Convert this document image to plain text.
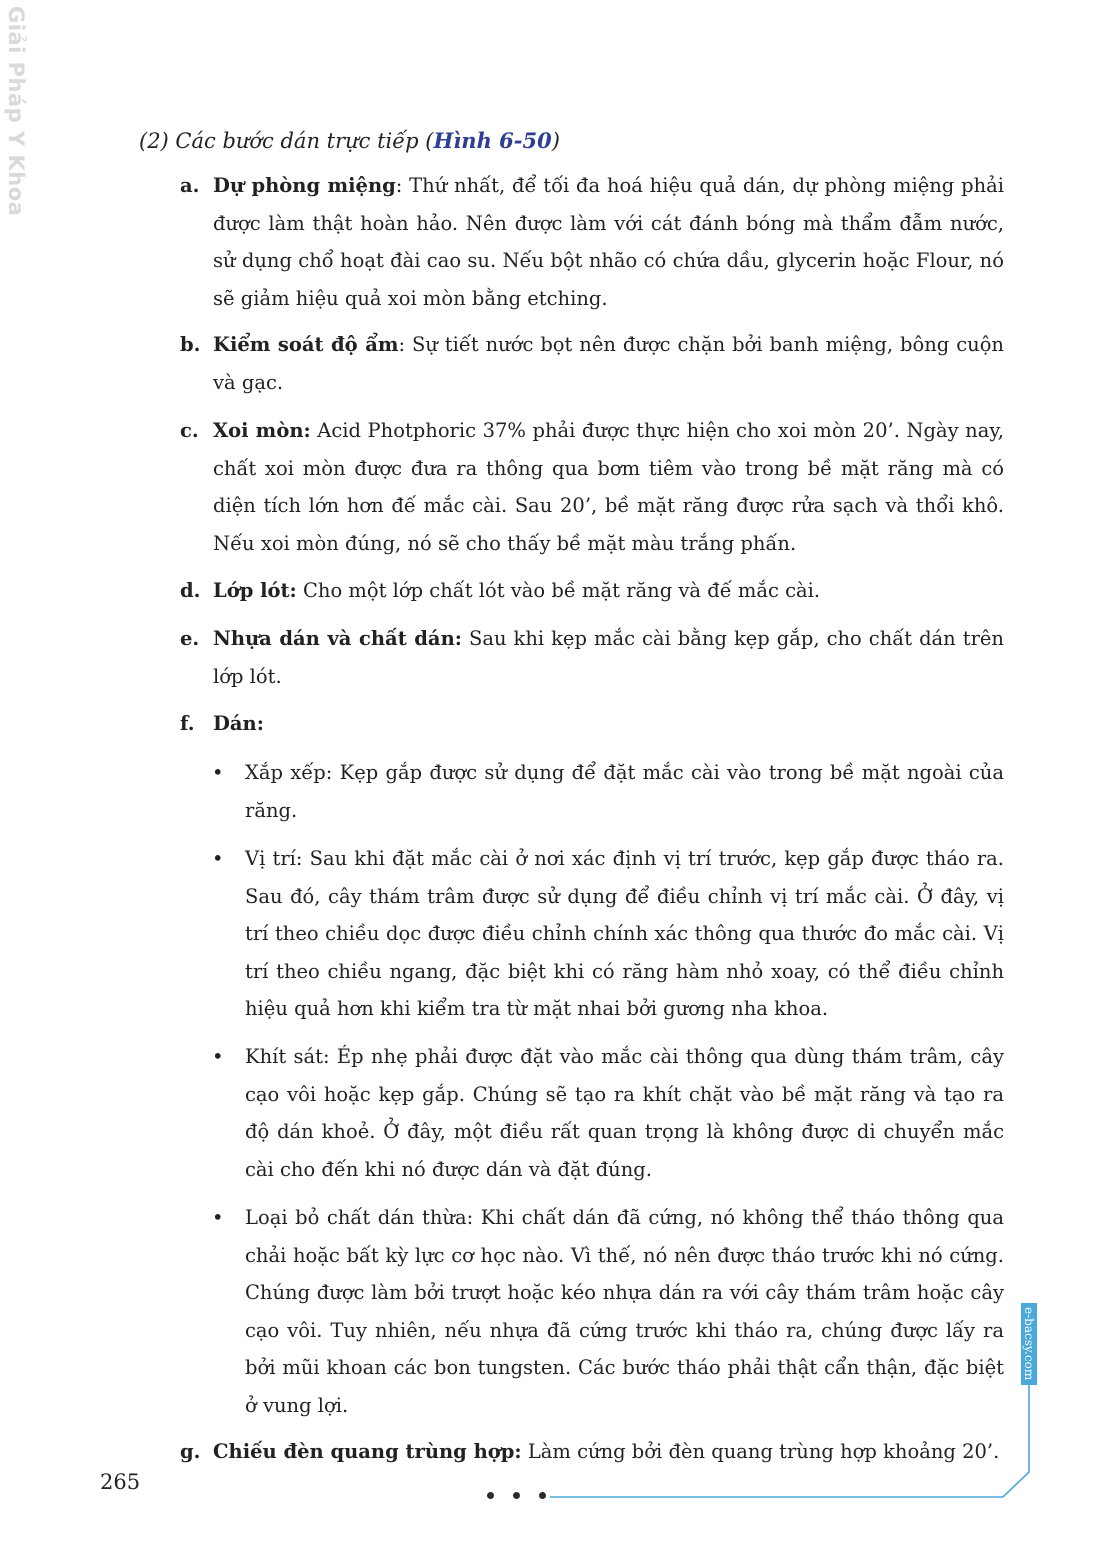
Giải Pháp Y Khoa	(2) Các bước dán trực tiếp (Hình 6-50)
a. Dự phòng miệng: Thứ nhất, để tối đa hoá hiệu quả dán, dự phòng miệng phải được làm thật hoàn hảo. Nên được làm với cát đánh bóng mà thẩm đẫm nước, sử dụng chổ hoạt đài cao su. Nếu bột nhão có chứa dầu, glycerin hoặc Flour, nó sẽ giảm hiệu quả xoi mòn bằng etching.
b. Kiểm soát độ ẩm: Sự tiết nước bọt nên được chặn bởi banh miệng, bông cuộn và gạc.
c. Xoi mòn: Acid Photphoric 37% phải được thực hiện cho xoi mòn 20’. Ngày nay, chất xoi mòn được đưa ra thông qua bơm tiêm vào trong bề mặt răng mà có diện tích lớn hơn đế mắc cài. Sau 20’, bề mặt răng được rửa sạch và thổi khô. Nếu xoi mòn đúng, nó sẽ cho thấy bề mặt màu trắng phấn.
d. Lớp lót: Cho một lớp chất lót vào bề mặt răng và đế mắc cài.
e. Nhựa dán và chất dán: Sau khi kẹp mắc cài bằng kẹp gắp, cho chất dán trên lớp lót.
f. Dán:
• Xắp xếp: Kẹp gắp được sử dụng để đặt mắc cài vào trong bề mặt ngoài của răng.
• Vị trí: Sau khi đặt mắc cài ở nơi xác định vị trí trước, kẹp gắp được tháo ra. Sau đó, cây thám trâm được sử dụng để điều chỉnh vị trí mắc cài. Ở đây, vị trí theo chiều dọc được điều chỉnh chính xác thông qua thước đo mắc cài. Vị trí theo chiều ngang, đặc biệt khi có răng hàm nhỏ xoay, có thể điều chỉnh hiệu quả hơn khi kiểm tra từ mặt nhai bởi gương nha khoa.
• Khít sát: Ép nhẹ phải được đặt vào mắc cài thông qua dùng thám trâm, cây cạo vôi hoặc kẹp gắp. Chúng sẽ tạo ra khít chặt vào bề mặt răng và tạo ra độ dán khoẻ. Ở đây, một điều rất quan trọng là không được di chuyển mắc cài cho đến khi nó được dán và đặt đúng.
• Loại bỏ chất dán thừa: Khi chất dán đã cứng, nó không thể tháo thông qua chải hoặc bất kỳ lực cơ học nào. Vì thế, nó nên được tháo trước khi nó cứng. Chúng được làm bởi trượt hoặc kéo nhựa dán ra với cây thám trâm hoặc cây cạo vôi. Tuy nhiên, nếu nhựa đã cứng trước khi tháo ra, chúng được lấy ra bởi mũi khoan các bon tungsten. Các bước tháo phải thật cẩn thận, đặc biệt ở vung lợi.
g. Chiếu đèn quang trùng hợp: Làm cứng bởi đèn quang trùng hợp khoảng 20’.
265
e-bacsy.com
